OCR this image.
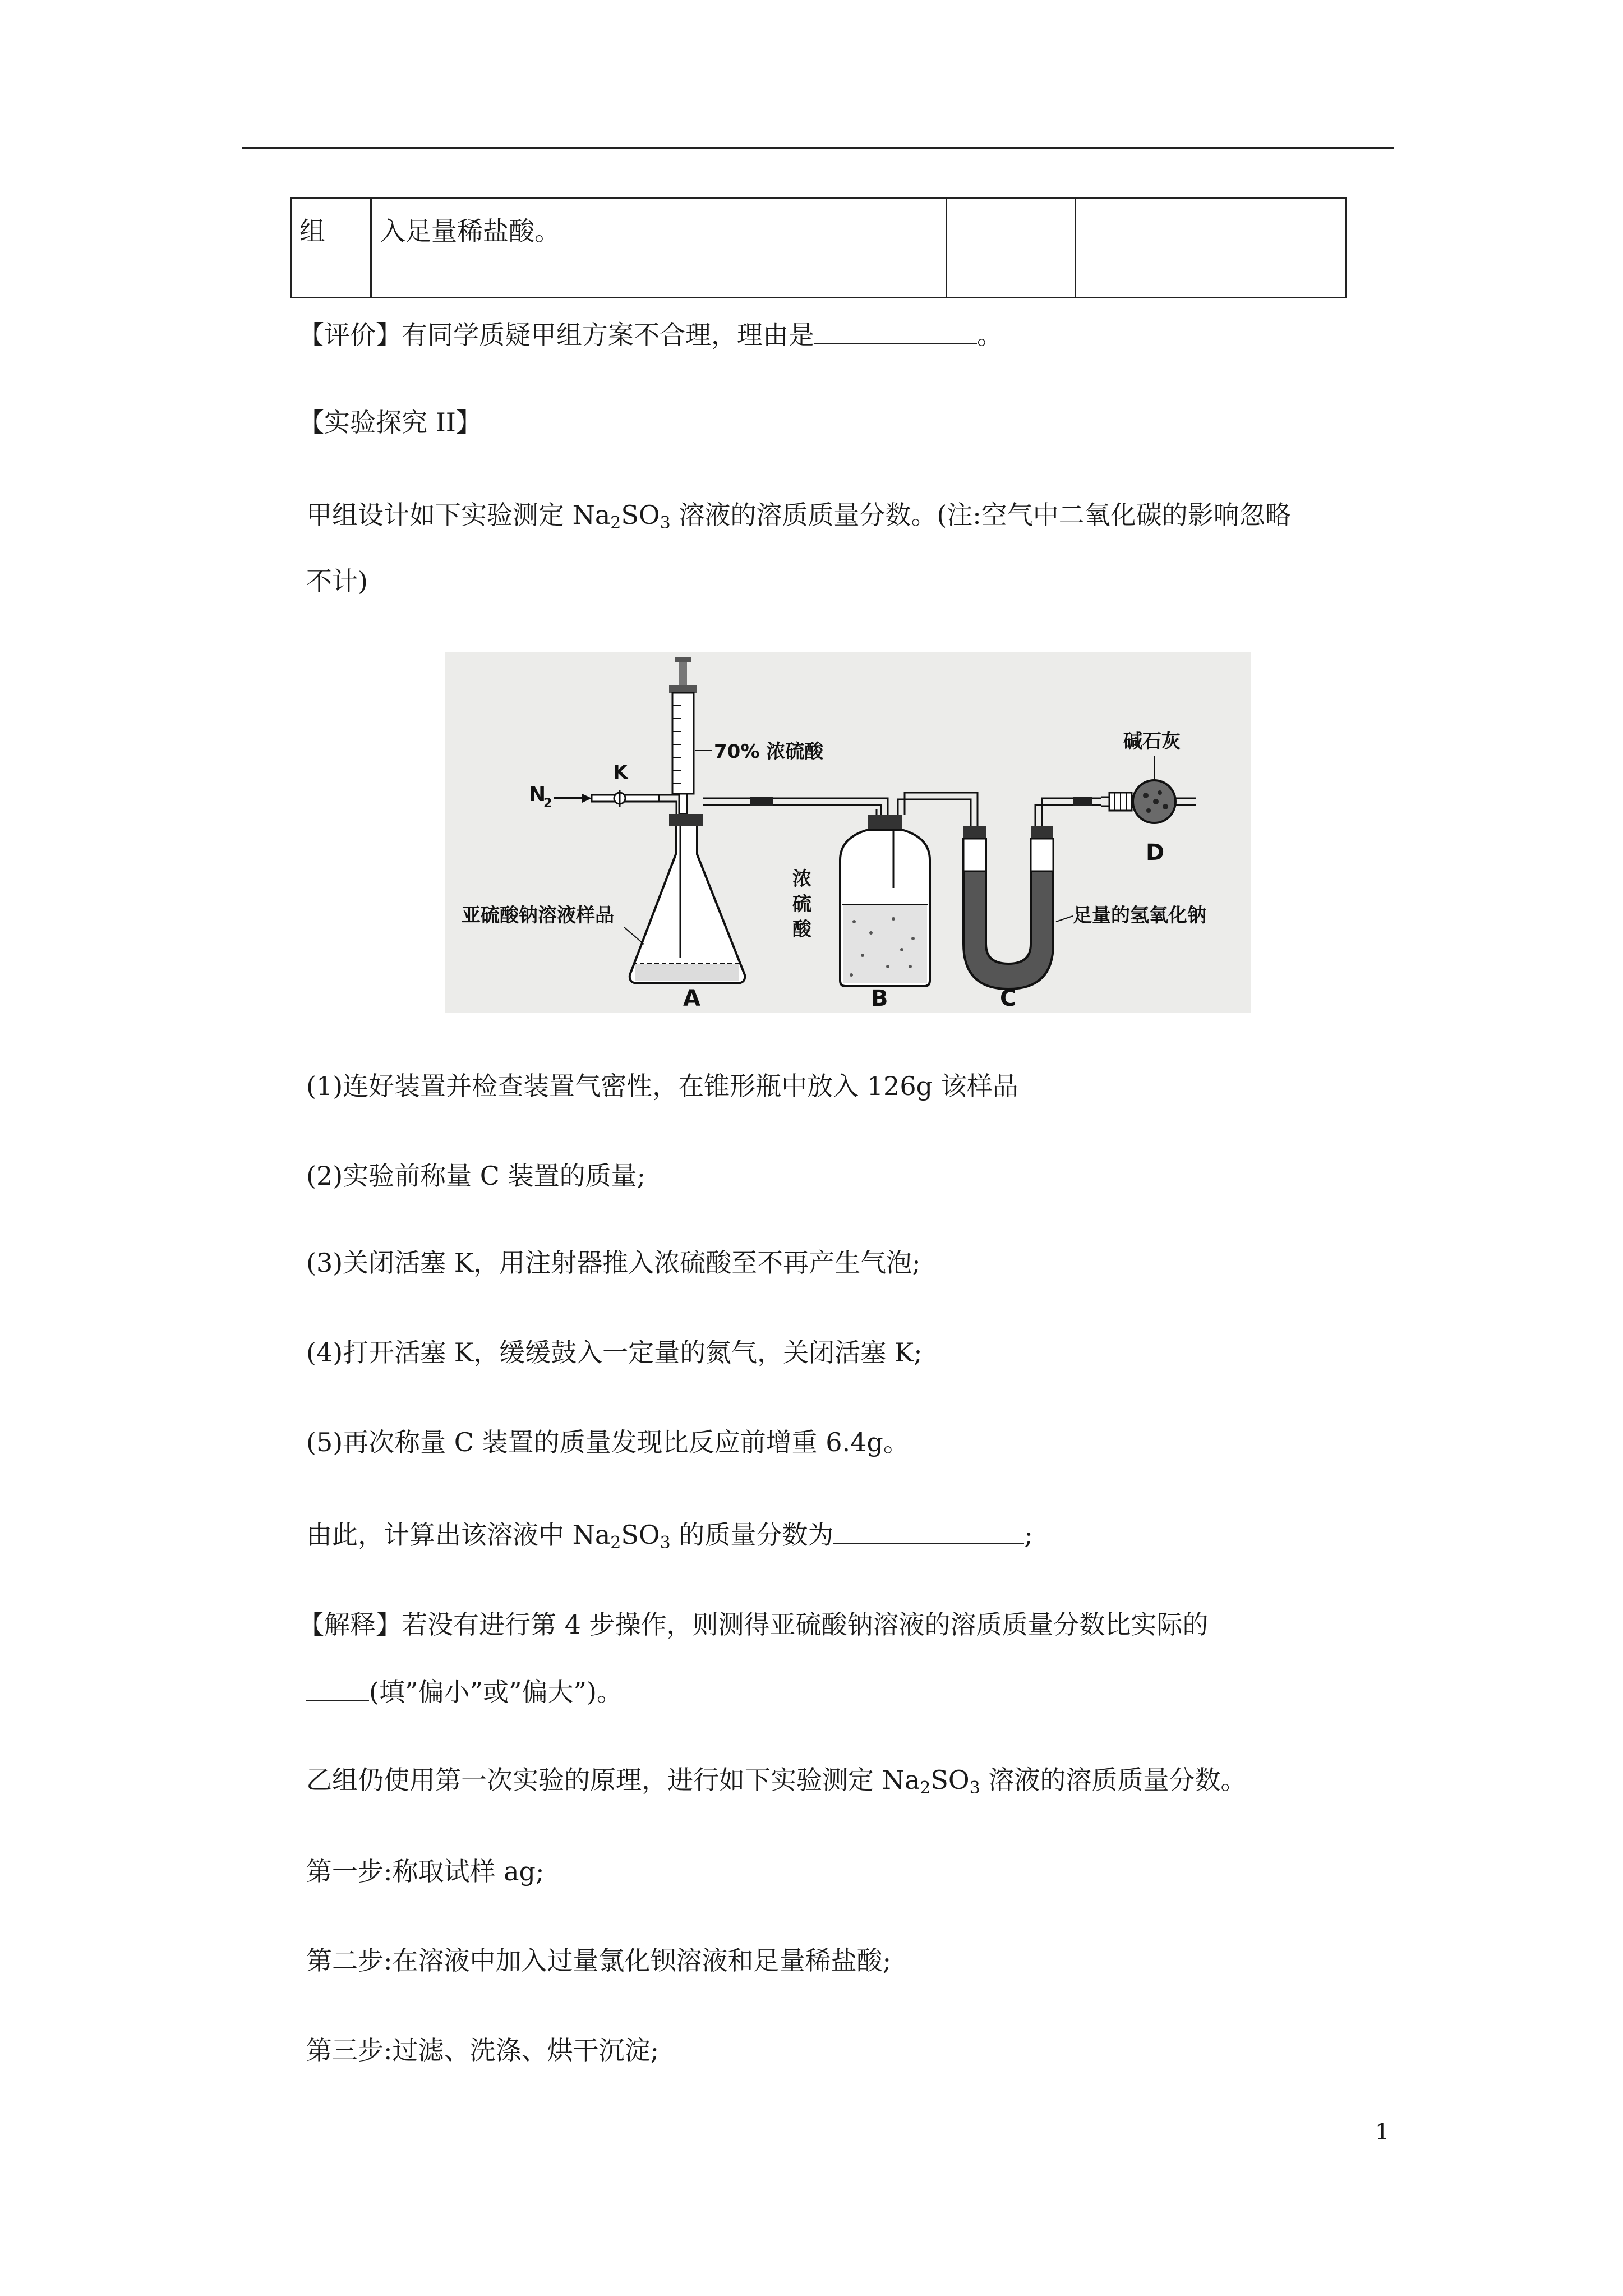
组	入足量稀盐酸。		
【评价】有同学质疑甲组方案不合理，理由是	。
【实验探究 II】
甲组设计如下实验测定 $Na_2SO_3$ 溶液的溶质质量分数。(注:空气中二氧化碳的影响忽略
不计)
N
2
K
70% 浓硫酸
亚硫酸钠溶液样品
A
浓
硫
酸
B
足量的氢氧化钠
C
碱石灰
D
(1)连好装置并检查装置气密性，在锥形瓶中放入 126g 该样品
(2)实验前称量 C 装置的质量;
(3)关闭活塞 K，用注射器推入浓硫酸至不再产生气泡;
(4)打开活塞 K，缓缓鼓入一定量的氮气，关闭活塞 K;
(5)再次称量 C 装置的质量发现比反应前增重 6.4g。
由此，计算出该溶液中 $Na_2SO_3$ 的质量分数为	;
【解释】若没有进行第 4 步操作，则测得亚硫酸钠溶液的溶质质量分数比实际的
(填”偏小”或”偏大”)。
乙组仍使用第一次实验的原理，进行如下实验测定 $Na_2SO_3$ 溶液的溶质质量分数。
第一步:称取试样 ag;
第二步:在溶液中加入过量氯化钡溶液和足量稀盐酸;
第三步:过滤、洗涤、烘干沉淀;
1
